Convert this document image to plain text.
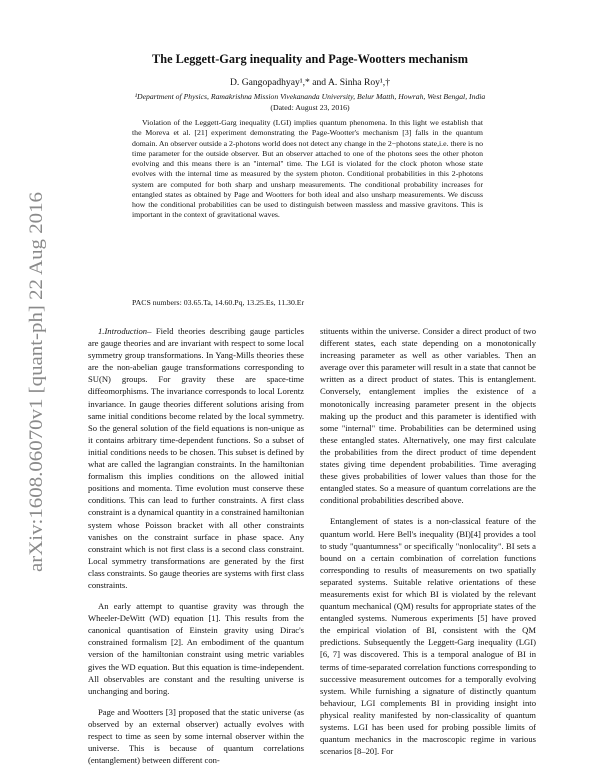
arXiv:1608.06070v1 [quant-ph] 22 Aug 2016
The Leggett-Garg inequality and Page-Wootters mechanism
D. Gangopadhyay¹,* and A. Sinha Roy¹,†
¹Department of Physics, Ramakrishna Mission Vivekananda University, Belur Matth, Howrah, West Bengal, India
(Dated: August 23, 2016)
Violation of the Leggett-Garg inequality (LGI) implies quantum phenomena. In this light we establish that the Moreva et al. [21] experiment demonstrating the Page-Wootter's mechanism [3] falls in the quantum domain. An observer outside a 2-photons world does not detect any change in the 2−photons state,i.e. there is no time parameter for the outside observer. But an observer attached to one of the photons sees the other photon evolving and this means there is an "internal" time. The LGI is violated for the clock photon whose state evolves with the internal time as measured by the system photon. Conditional probabilities in this 2-photons system are computed for both sharp and unsharp measurements. The conditional probability increases for entangled states as obtained by Page and Wootters for both ideal and also unsharp measurements. We discuss how the conditional probabilities can be used to distinguish between massless and massive gravitons. This is important in the context of gravitational waves.
PACS numbers: 03.65.Ta, 14.60.Pq, 13.25.Es, 11.30.Er

1.Introduction– Field theories describing gauge particles are gauge theories and are invariant with respect to some local symmetry group transformations. In Yang-Mills theories these are the non-abelian gauge transformations corresponding to SU(N) groups. For gravity these are space-time diffeomorphisms. The invariance corresponds to local Lorentz invariance. In gauge theories different solutions arising from same initial conditions become related by the local symmetry. So the general solution of the field equations is non-unique as it contains arbitrary time-dependent functions. So a subset of initial conditions needs to be chosen. This subset is defined by what are called the lagrangian constraints. In the hamiltonian formalism this implies conditions on the allowed initial positions and momenta. Time evolution must conserve these conditions. This can lead to further constraints. A first class constraint is a dynamical quantity in a constrained hamiltonian system whose Poisson bracket with all other constraints vanishes on the constraint surface in phase space. Any constraint which is not first class is a second class constraint. Local symmetry transformations are generated by the first class constraints. So gauge theories are systems with first class constraints.

An early attempt to quantise gravity was through the Wheeler-DeWitt (WD) equation [1]. This results from the canonical quantisation of Einstein gravity using Dirac's constrained formalism [2]. An embodiment of the quantum version of the hamiltonian constraint using metric variables gives the WD equation. But this equation is time-independent. All observables are constant and the resulting universe is unchanging and boring.

Page and Wootters [3] proposed that the static universe (as observed by an external observer) actually evolves with respect to time as seen by some internal observer within the universe. This is because of quantum correlations (entanglement) between different con-

stituents within the universe. Consider a direct product of two different states, each state depending on a monotonically increasing parameter as well as other variables. Then an average over this parameter will result in a state that cannot be written as a direct product of states. This is entanglement. Conversely, entanglement implies the existence of a monotonically increasing parameter present in the objects making up the product and this parameter is identified with some "internal" time. Probabilities can be determined using these entangled states. Alternatively, one may first calculate the probabilities from the direct product of time dependent states giving time dependent probabilities. Time averaging these gives probabilities of lower values than those for the entangled states. So a measure of quantum correlations are the conditional probabilities described above.

Entanglement of states is a non-classical feature of the quantum world. Here Bell's inequality (BI)[4] provides a tool to study "quantumness" or specifically "nonlocality". BI sets a bound on a certain combination of correlation functions corresponding to results of measurements on two spatially separated systems. Suitable relative orientations of these measurements exist for which BI is violated by the relevant quantum mechanical (QM) results for appropriate states of the entangled systems. Numerous experiments [5] have proved the empirical violation of BI, consistent with the QM predictions. Subsequently the Leggett-Garg inequality (LGI) [6, 7] was discovered. This is a temporal analogue of BI in terms of time-separated correlation functions corresponding to successive measurement outcomes for a temporally evolving system. While furnishing a signature of distinctly quantum behaviour, LGI complements BI in providing insight into physical reality manifested by non-classicality of quantum systems. LGI has been used for probing possible limits of quantum mechanics in the macroscopic regime in various scenarios [8–20]. For
